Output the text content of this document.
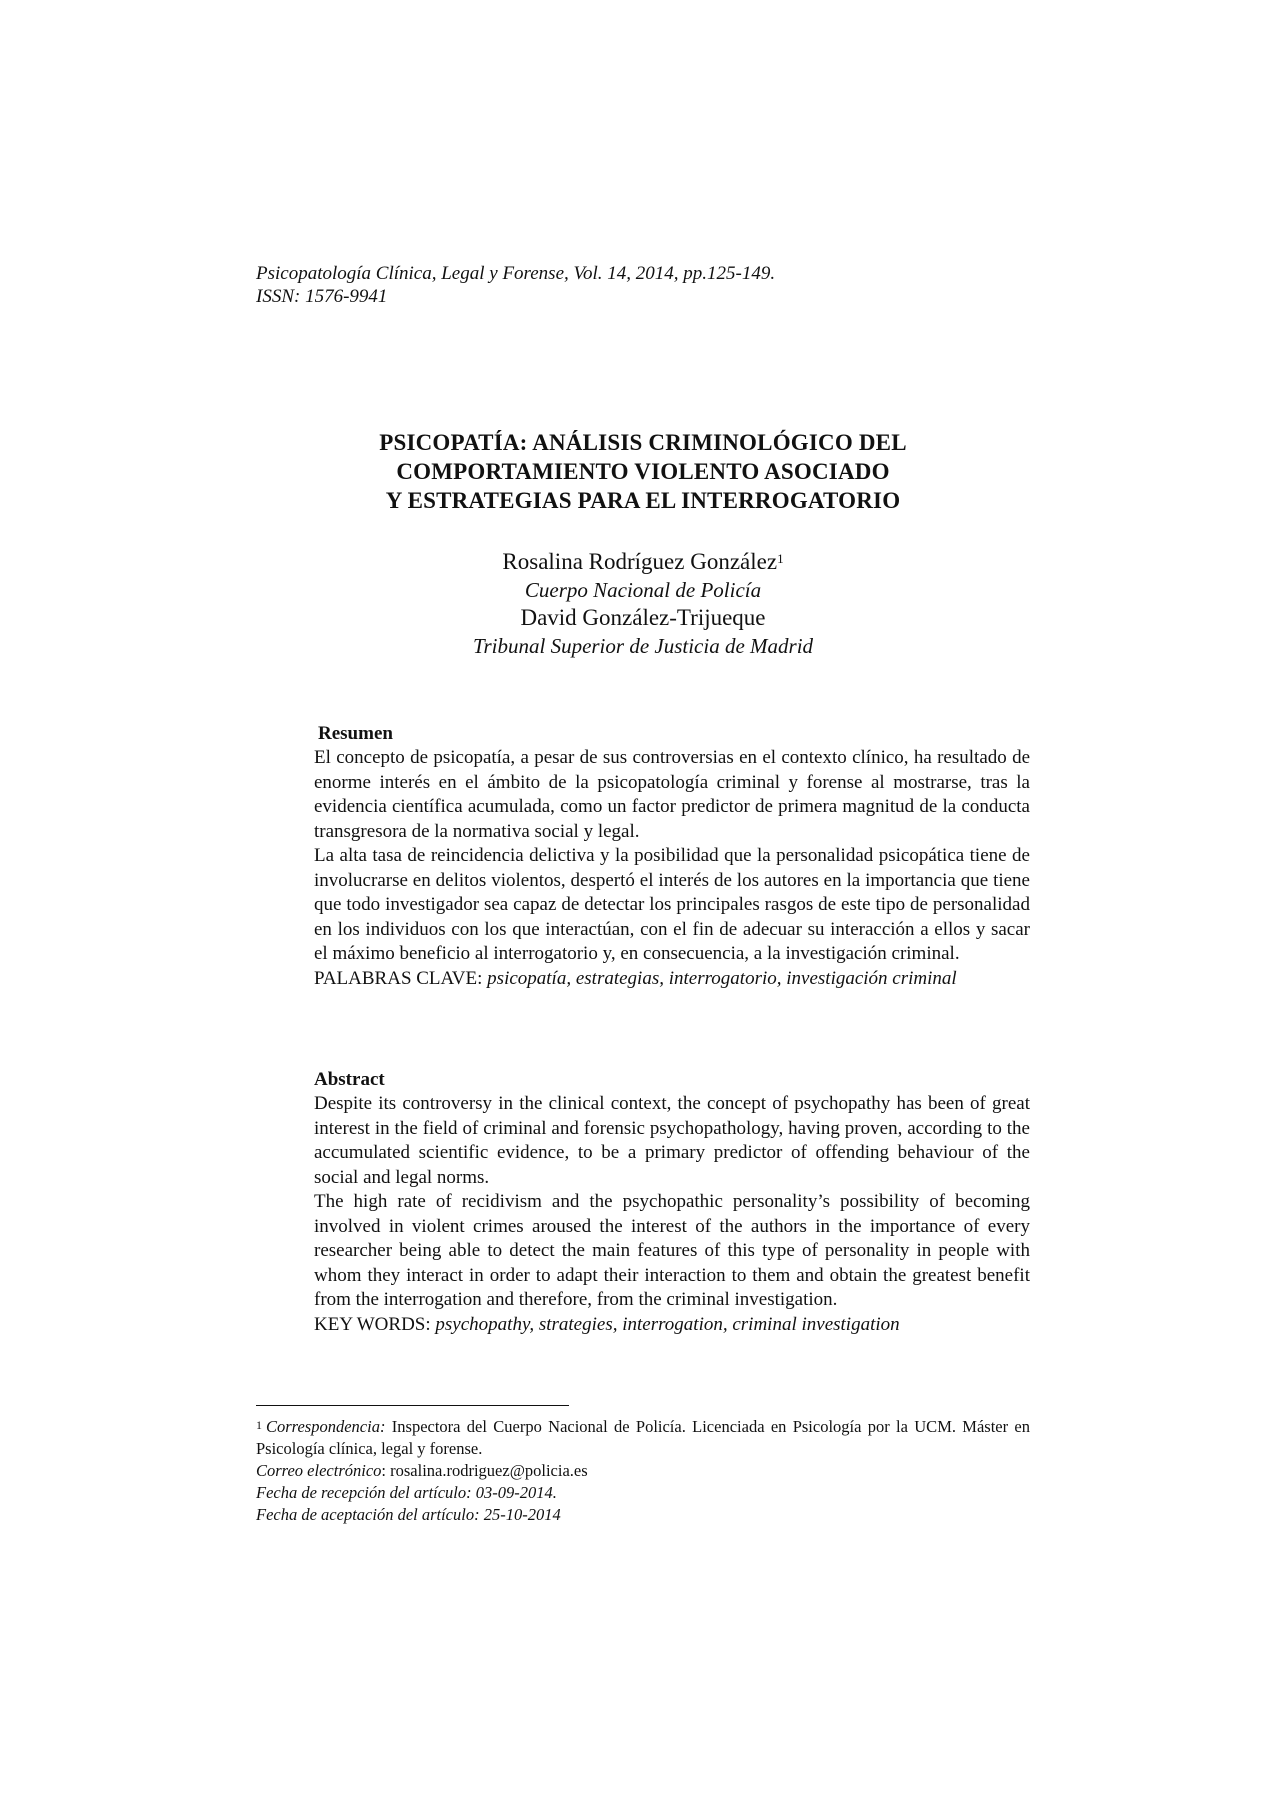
Psicopatología Clínica, Legal y Forense, Vol. 14, 2014, pp.125-149.
ISSN: 1576-9941
PSICOPATÍA: ANÁLISIS CRIMINOLÓGICO DEL
COMPORTAMIENTO VIOLENTO ASOCIADO
Y ESTRATEGIAS PARA EL INTERROGATORIO
Rosalina Rodríguez González$^1$
Cuerpo Nacional de Policía
David González-Trijueque
Tribunal Superior de Justicia de Madrid
Resumen

El concepto de psicopatía, a pesar de sus controversias en el contexto clínico, ha resultado de enorme interés en el ámbito de la psicopatología criminal y forense al mostrarse, tras la evidencia científica acumulada, como un factor predictor de primera magnitud de la conducta transgresora de la normativa social y legal.

La alta tasa de reincidencia delictiva y la posibilidad que la personalidad psicopática tiene de involucrarse en delitos violentos, despertó el interés de los autores en la importancia que tiene que todo investigador sea capaz de detectar los principales rasgos de este tipo de personalidad en los individuos con los que interactúan, con el fin de adecuar su interacción a ellos y sacar el máximo beneficio al interrogatorio y, en consecuencia, a la investigación criminal.

PALABRAS CLAVE: psicopatía, estrategias, interrogatorio, investigación criminal

Abstract

Despite its controversy in the clinical context, the concept of psychopathy has been of great interest in the field of criminal and forensic psychopathology, having proven, according to the accumulated scientific evidence, to be a primary predictor of offending behaviour of the social and legal norms.

The high rate of recidivism and the psychopathic personality’s possibility of becoming involved in violent crimes aroused the interest of the authors in the importance of every researcher being able to detect the main features of this type of personality in people with whom they interact in order to adapt their interaction to them and obtain the greatest benefit from the interrogation and therefore, from the criminal investigation.

KEY WORDS: psychopathy, strategies, interrogation, criminal investigation

$^1$ Correspondencia: Inspectora del Cuerpo Nacional de Policía. Licenciada en Psicología por la UCM. Máster en Psicología clínica, legal y forense.

Correo electrónico: rosalina.rodriguez@policia.es

Fecha de recepción del artículo: 03-09-2014.

Fecha de aceptación del artículo: 25-10-2014
